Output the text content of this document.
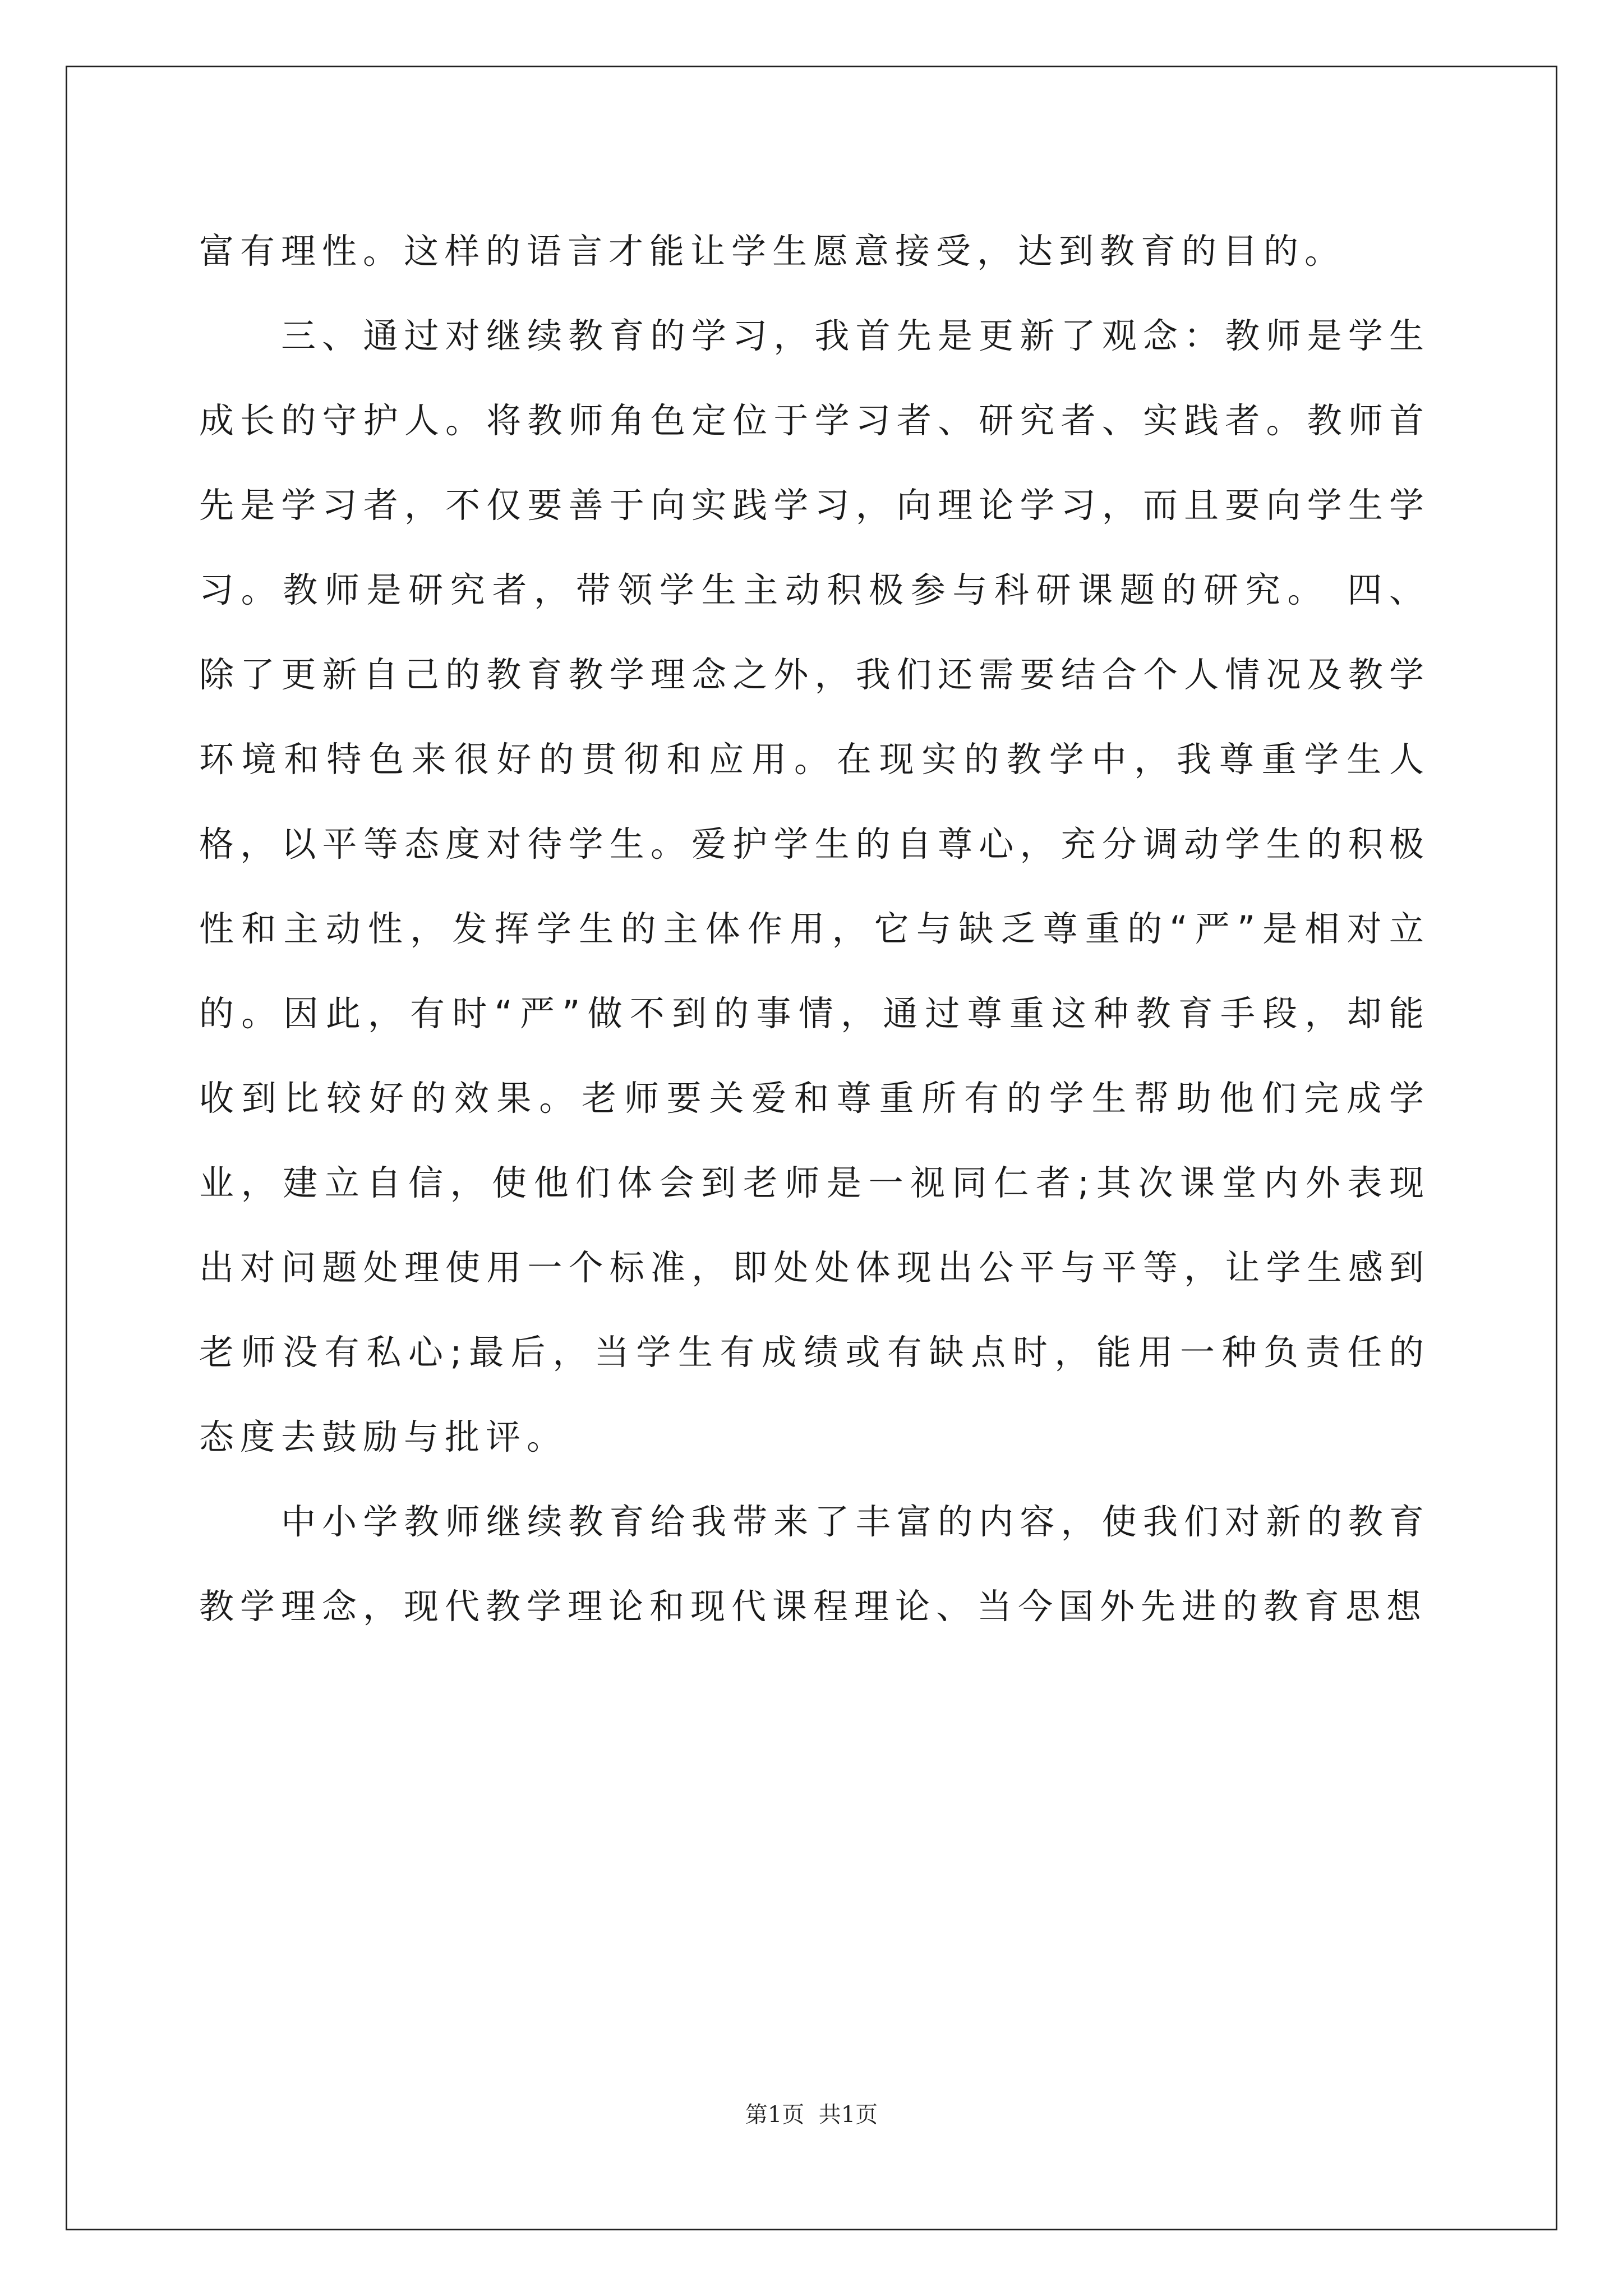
富有理性。这样的语言才能让学生愿意接受，达到教育的目的。

三、通过对继续教育的学习，我首先是更新了观念：教师是学生成长的守护人。将教师角色定位于学习者、研究者、实践者。教师首先是学习者，不仅要善于向实践学习，向理论学习，而且要向学生学习。教师是研究者，带领学生主动积极参与科研课题的研究。 四、除了更新自己的教育教学理念之外，我们还需要结合个人情况及教学环境和特色来很好的贯彻和应用。在现实的教学中，我尊重学生人格，以平等态度对待学生。爱护学生的自尊心，充分调动学生的积极性和主动性，发挥学生的主体作用，它与缺乏尊重的“严”是相对立的。因此，有时“严”做不到的事情，通过尊重这种教育手段，却能收到比较好的效果。老师要关爱和尊重所有的学生帮助他们完成学业，建立自信，使他们体会到老师是一视同仁者;其次课堂内外表现出对问题处理使用一个标准，即处处体现出公平与平等，让学生感到老师没有私心;最后，当学生有成绩或有缺点时，能用一种负责任的态度去鼓励与批评。

中小学教师继续教育给我带来了丰富的内容，使我们对新的教育教学理念，现代教学理论和现代课程理论、当今国外先进的教育思想

第1页  共1页
